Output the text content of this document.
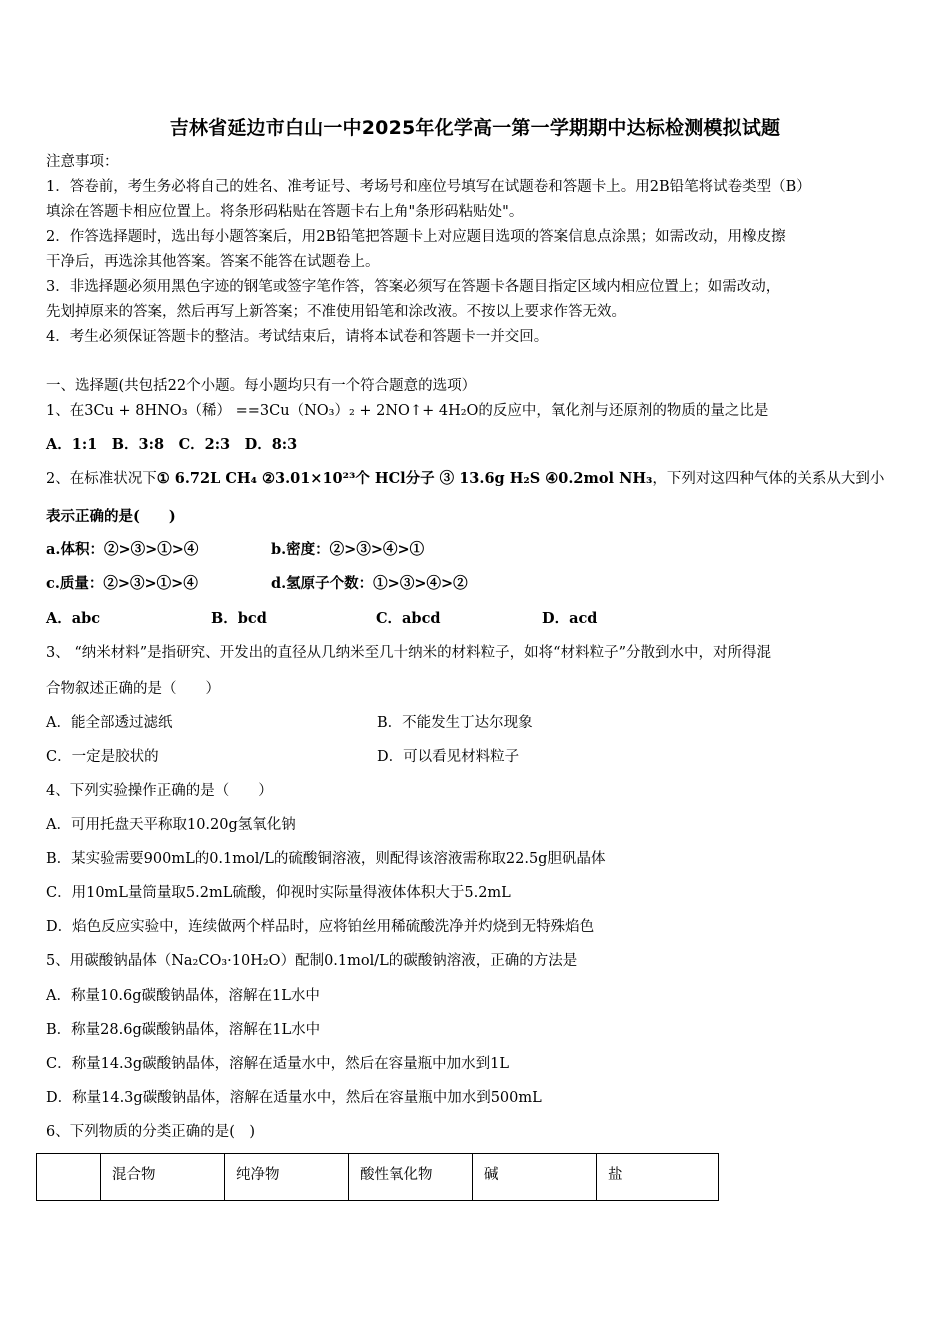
吉林省延边市白山一中2025年化学高一第一学期期中达标检测模拟试题
注意事项：
1．答卷前，考生务必将自己的姓名、准考证号、考场号和座位号填写在试题卷和答题卡上。用2B铅笔将试卷类型（B）
填涂在答题卡相应位置上。将条形码粘贴在答题卡右上角"条形码粘贴处"。
2．作答选择题时，选出每小题答案后，用2B铅笔把答题卡上对应题目选项的答案信息点涂黑；如需改动，用橡皮擦
干净后，再选涂其他答案。答案不能答在试题卷上。
3．非选择题必须用黑色字迹的钢笔或签字笔作答，答案必须写在答题卡各题目指定区域内相应位置上；如需改动，
先划掉原来的答案，然后再写上新答案；不准使用铅笔和涂改液。不按以上要求作答无效。
4．考生必须保证答题卡的整洁。考试结束后，请将本试卷和答题卡一并交回。
一、选择题(共包括22个小题。每小题均只有一个符合题意的选项）
1、在3Cu + 8HNO₃（稀） ==3Cu（NO₃）₂ + 2NO↑+ 4H₂O的反应中，氧化剂与还原剂的物质的量之比是
A．1:1　B．3:8　C．2:3　D．8:3
2、在标准状况下① 6.72L CH₄ ②3.01×10²³个 HCl分子 ③ 13.6g H₂S ④0.2mol NH₃，下列对这四种气体的关系从大到小
表示正确的是(　　)
a.体积：②>③>①>④	b.密度：②>③>④>①
c.质量：②>③>①>④	d.氢原子个数：①>③>④>②
A．abc	B．bcd	C．abcd	D．acd
3、 “纳米材料”是指研究、开发出的直径从几纳米至几十纳米的材料粒子，如将“材料粒子”分散到水中，对所得混
合物叙述正确的是（　　）
A．能全部透过滤纸	B．不能发生丁达尔现象
C．一定是胶状的	D．可以看见材料粒子
4、下列实验操作正确的是（　　）
A．可用托盘天平称取10.20g氢氧化钠
B．某实验需要900mL的0.1mol/L的硫酸铜溶液，则配得该溶液需称取22.5g胆矾晶体
C．用10mL量筒量取5.2mL硫酸，仰视时实际量得液体体积大于5.2mL
D．焰色反应实验中，连续做两个样品时，应将铂丝用稀硫酸洗净并灼烧到无特殊焰色
5、用碳酸钠晶体（Na₂CO₃·10H₂O）配制0.1mol/L的碳酸钠溶液，正确的方法是
A．称量10.6g碳酸钠晶体，溶解在1L水中
B．称量28.6g碳酸钠晶体，溶解在1L水中
C．称量14.3g碳酸钠晶体，溶解在适量水中，然后在容量瓶中加水到1L
D．称量14.3g碳酸钠晶体，溶解在适量水中，然后在容量瓶中加水到500mL
6、下列物质的分类正确的是(　)
	混合物	纯净物	酸性氧化物	碱	盐
